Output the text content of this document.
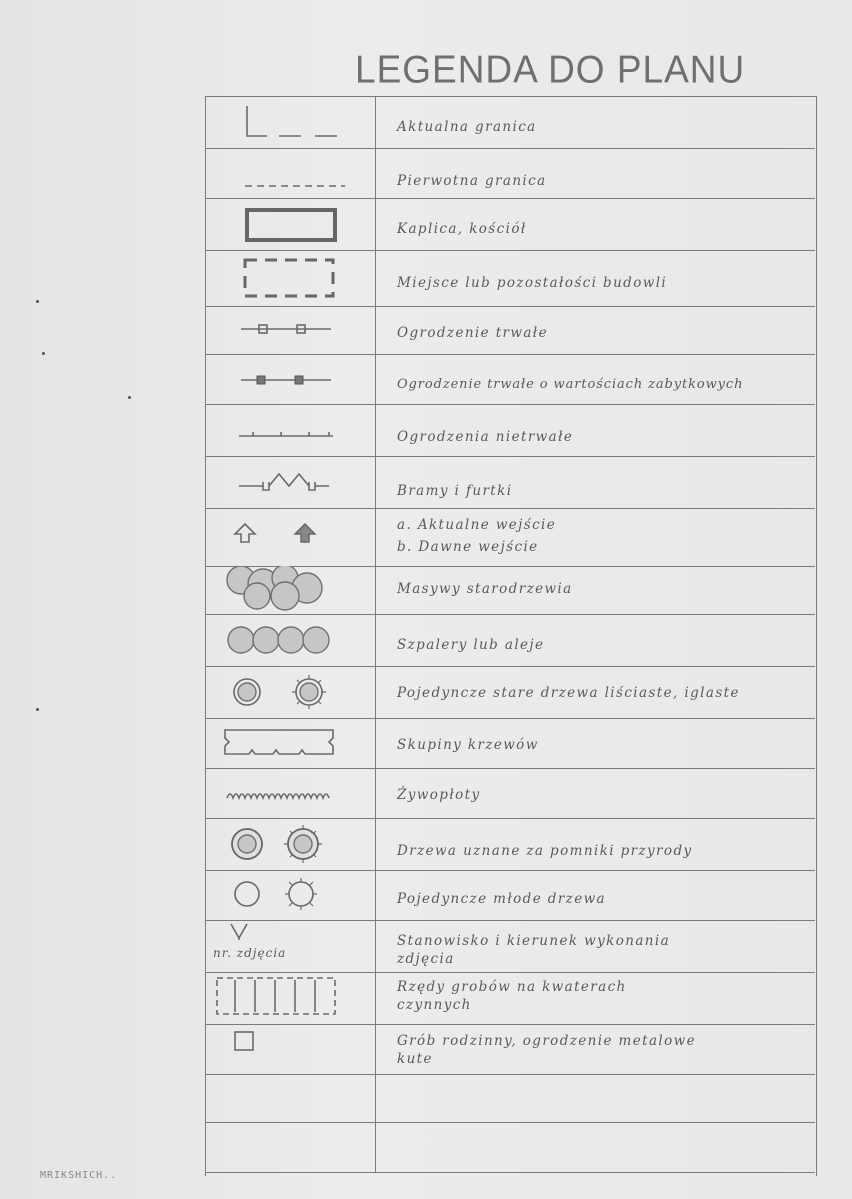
LEGENDA DO PLANU
Aktualna granica
Pierwotna granica
Kaplica, kościół
Miejsce lub pozostałości budowli
Ogrodzenie trwałe
Ogrodzenie trwałe o wartościach zabytkowych
Ogrodzenia nietrwałe
Bramy i furtki
a. Aktualne wejście
b. Dawne wejście
Masywy starodrzewia
Szpalery lub aleje
Pojedyncze stare drzewa liściaste, iglaste
Skupiny krzewów
Żywopłoty
Drzewa uznane za pomniki przyrody
Pojedyncze młode drzewa
nr. zdjęcia
Stanowisko i kierunek wykonania
zdjęcia
Rzędy grobów na kwaterach
czynnych
Grób rodzinny, ogrodzenie metalowe
kute
MRIKSHICH..
